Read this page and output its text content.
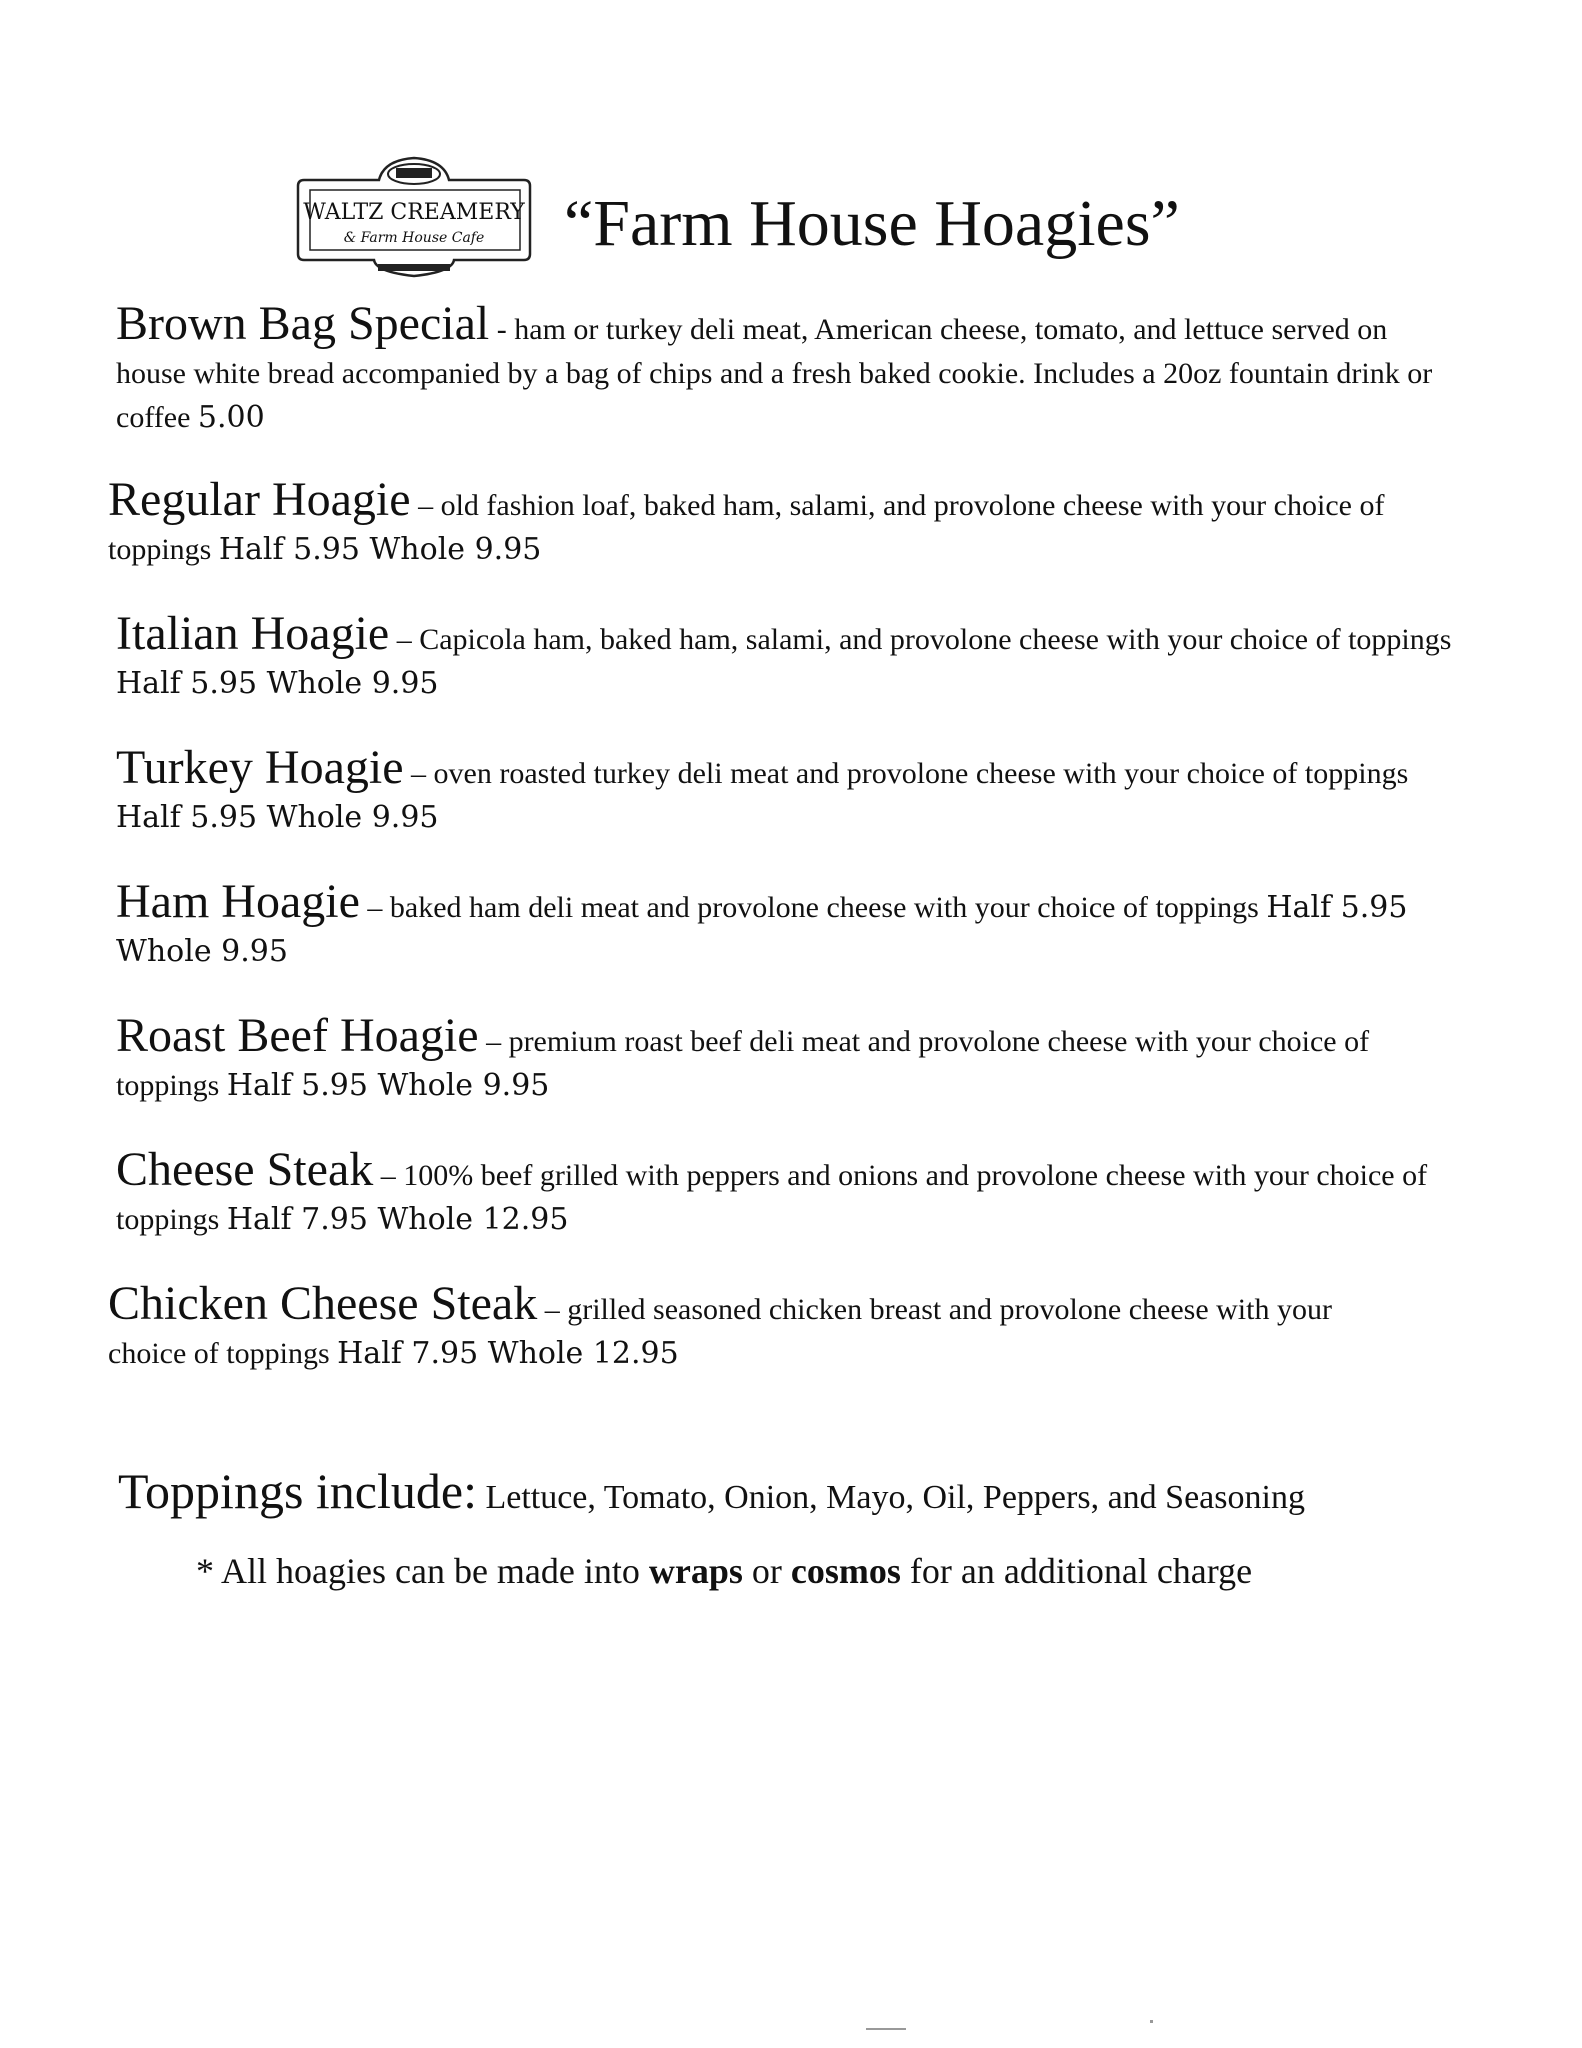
WALTZ CREAMERY
& Farm House Cafe	“Farm House Hoagies”
Brown Bag Special - ham or turkey deli meat, American cheese, tomato, and lettuce served on house white bread accompanied by a bag of chips and a fresh baked cookie. Includes a 20oz fountain drink or coffee 5.00
Regular Hoagie – old fashion loaf, baked ham, salami, and provolone cheese with your choice of toppings Half 5.95 Whole 9.95
Italian Hoagie – Capicola ham, baked ham, salami, and provolone cheese with your choice of toppings Half 5.95 Whole 9.95
Turkey Hoagie – oven roasted turkey deli meat and provolone cheese with your choice of toppings Half 5.95 Whole 9.95
Ham Hoagie – baked ham deli meat and provolone cheese with your choice of toppings Half 5.95 Whole 9.95
Roast Beef Hoagie – premium roast beef deli meat and provolone cheese with your choice of toppings Half 5.95 Whole 9.95
Cheese Steak – 100% beef grilled with peppers and onions and provolone cheese with your choice of toppings Half 7.95 Whole 12.95
Chicken Cheese Steak – grilled seasoned chicken breast and provolone cheese with your choice of toppings Half 7.95 Whole 12.95
Toppings include: Lettuce, Tomato, Onion, Mayo, Oil, Peppers, and Seasoning
* All hoagies can be made into wraps or cosmos for an additional charge
